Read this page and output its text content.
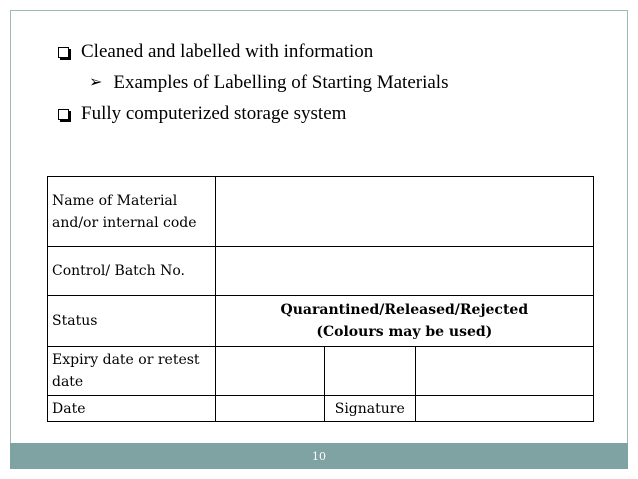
Cleaned and labelled with information
➢ Examples of Labelling of Starting Materials
Fully computerized storage system
Name of Material and/or internal code			
Control/ Batch No.			
Status	Quarantined/Released/Rejected
(Colours may be used)		

Expiry date or retest date			
Date		Signature	
10
